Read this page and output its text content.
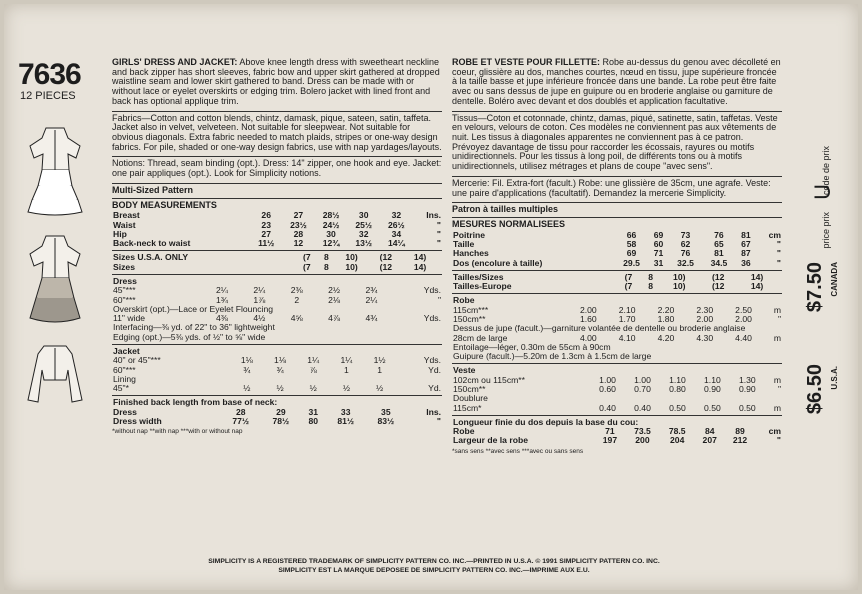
7636
12 PIECES

GIRLS' DRESS AND JACKET: Above knee length dress with sweetheart neckline and back zipper has short sleeves, fabric bow and upper skirt gathered at dropped waistline seam and lower skirt gathered to band. Dress can be made with or without lace or eyelet overskirts or edging trim. Bolero jacket with lined front and back has optional applique trim.

Fabrics—Cotton and cotton blends, chintz, damask, pique, sateen, satin, taffeta. Jacket also in velvet, velveteen. Not suitable for sleepwear. Not suitable for obvious diagonals. Extra fabric needed to match plaids, stripes or one-way design fabrics. For pile, shaded or one-way design fabrics, use with nap yardages/layouts.

Notions: Thread, seam binding (opt.). Dress: 14" zipper, one hook and eye. Jacket: one pair appliques (opt.). Look for Simplicity notions.

Multi-Sized Pattern
BODY MEASUREMENTS
Breast	26	27	28½	30	32	Ins.
Waist	23	23½	24½	25½	26½	"
Hip	27	28	30	32	34	"
Back-neck to waist	11½	12	12¾	13½	14¼	"
Sizes U.S.A. ONLY	(7	8	10)	(12	14)	
Sizes	(7	8	10)	(12	14)	
Dress						
45"***	2¼	2¼	2⅜	2½	2¾	Yds.
60"***	1¾	1⅞	2	2⅛	2¼	"
Overskirt (opt.)—Lace or Eyelet Flouncing						
11" wide	4⅜	4½	4⅝	4⅞	4¾	Yds.
Interfacing—⅜ yd. of 22" to 36" lightweight						
Edging (opt.)—5⅜ yds. of ½" to ⅝" wide						
Jacket						
40" or 45"***	1⅛	1⅛	1¼	1¼	1½	Yds.
60"***	¾	¾	⅞	1	1	Yd.
Lining						
45"*	½	½	½	½	½	Yd.
Finished back length from base of neck:						
Dress	28	29	31	33	35	Ins.
Dress width	77½	78½	80	81½	83½	"
*without nap **with nap ***with or without nap

ROBE ET VESTE POUR FILLETTE: Robe au-dessus du genou avec décolleté en coeur, glissière au dos, manches courtes, nœud en tissu, jupe supérieure froncée à la taille basse et jupe inférieure froncée dans une bande. La robe peut être faite avec ou sans dessus de jupe en guipure ou en broderie anglaise ou garniture de dentelle. Boléro avec devant et dos doublés et application facultative.

Tissus—Coton et cotonnade, chintz, damas, piqué, satinette, satin, taffetas. Veste en velours, velours de coton. Ces modèles ne conviennent pas aux vêtements de nuit. Les tissus à diagonales apparentes ne conviennent pas à ce patron. Prévoyez davantage de tissu pour raccorder les écossais, rayures ou motifs unidirectionnels. Pour les tissus à long poil, de différents tons ou à motifs unidirectionnels, utilisez métrages et plans de coupe "avec sens".

Mercerie: Fil. Extra-fort (facult.) Robe: une glissière de 35cm, une agrafe. Veste: une paire d'applications (facultatif). Demandez la mercerie Simplicity.

Patron à tailles multiples
MESURES NORMALISEES
Poitrine	66	69	73	76	81	cm
Taille	58	60	62	65	67	"
Hanches	69	71	76	81	87	"
Dos (encolure à taille)	29.5	31	32.5	34.5	36	"
Tailles/Sizes	(7	8	10)	(12	14)	
Tailles-Europe	(7	8	10)	(12	14)	
Robe						
115cm***	2.00	2.10	2.20	2.30	2.50	m
150cm**	1.60	1.70	1.80	2.00	2.00	"
Dessus de jupe (facult.)—garniture volantée de dentelle ou broderie anglaise						
28cm de large	4.00	4.10	4.20	4.30	4.40	m
Entoilage—léger, 0.30m de 55cm à 90cm						
Guipure (facult.)—5.20m de 1.3cm à 1.5cm de large						
Veste						
102cm ou 115cm**	1.00	1.00	1.10	1.10	1.30	m
150cm**	0.60	0.70	0.80	0.90	0.90	"
Doublure						
115cm*	0.40	0.40	0.50	0.50	0.50	m
Longueur finie du dos depuis la base du cou:						
Robe	71	73.5	78.5	84	89	cm
Largeur de la robe	197	200	204	207	212	"
*sans sens **avec sens ***avec ou sans sens
code de prix
U
price prix
$7.50 CANADA
$6.50 U.S.A.
SIMPLICITY IS A REGISTERED TRADEMARK OF SIMPLICITY PATTERN CO. INC.—PRINTED IN U.S.A. © 1991 SIMPLICITY PATTERN CO. INC.
SIMPLICITY EST LA MARQUE DEPOSEE DE SIMPLICITY PATTERN CO. INC.—IMPRIME AUX E.U.
